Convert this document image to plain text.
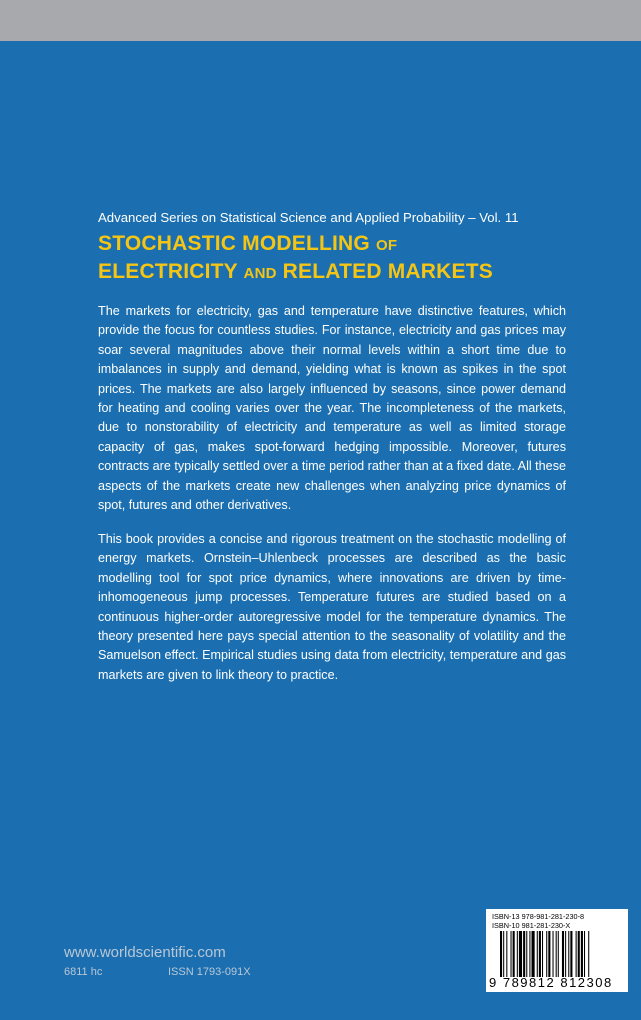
Advanced Series on Statistical Science and Applied Probability – Vol. 11
STOCHASTIC MODELLING OF
ELECTRICITY AND RELATED MARKETS
The markets for electricity, gas and temperature have distinctive features, which provide the focus for countless studies. For instance, electricity and gas prices may soar several magnitudes above their normal levels within a short time due to imbalances in supply and demand, yielding what is known as spikes in the spot prices. The markets are also largely influenced by seasons, since power demand for heating and cooling varies over the year. The incompleteness of the markets, due to nonstorability of electricity and temperature as well as limited storage capacity of gas, makes spot-forward hedging impossible. Moreover, futures contracts are typically settled over a time period rather than at a fixed date. All these aspects of the markets create new challenges when analyzing price dynamics of spot, futures and other derivatives.
This book provides a concise and rigorous treatment on the stochastic modelling of energy markets. Ornstein–Uhlenbeck processes are described as the basic modelling tool for spot price dynamics, where innovations are driven by time-inhomogeneous jump processes. Temperature futures are studied based on a continuous higher-order autoregressive model for the temperature dynamics. The theory presented here pays special attention to the seasonality of volatility and the Samuelson effect. Empirical studies using data from electricity, temperature and gas markets are given to link theory to practice.
www.worldscientific.com
6811 hc	ISSN 1793-091X
ISBN-13 978-981-281-230-8
ISBN-10 981-281-230-X
9 789812 812308
